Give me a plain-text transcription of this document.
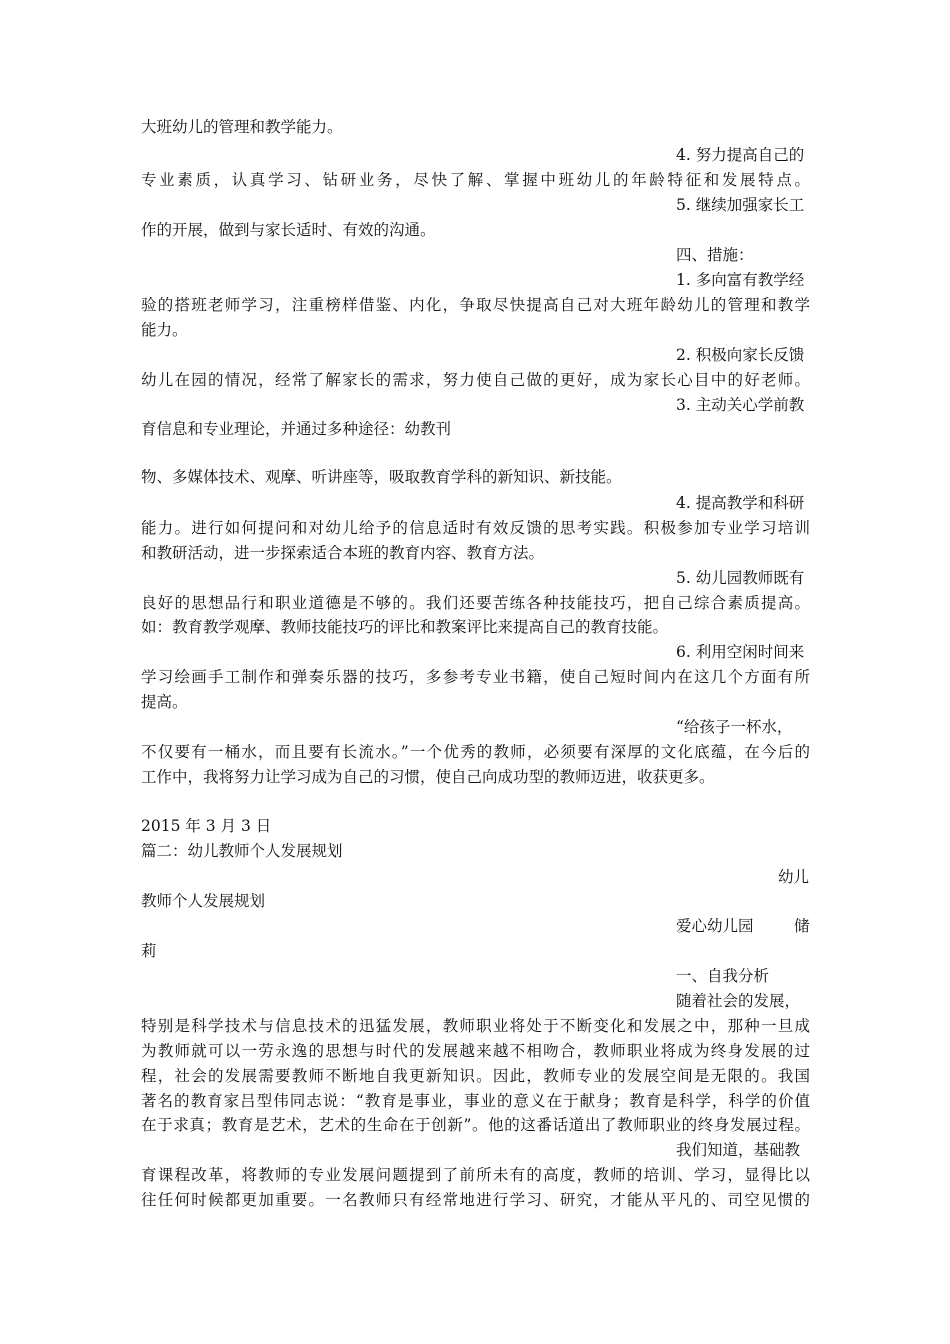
大班幼儿的管理和教学能力。
4. 努力提高自己的
专业素质，认真学习、钻研业务，尽快了解、掌握中班幼儿的年龄特征和发展特点。
5. 继续加强家长工
作的开展，做到与家长适时、有效的沟通。
四、措施：
1. 多向富有教学经
验的搭班老师学习，注重榜样借鉴、内化，争取尽快提高自己对大班年龄幼儿的管理和教学
能力。
2. 积极向家长反馈
幼儿在园的情况，经常了解家长的需求，努力使自己做的更好，成为家长心目中的好老师。
3. 主动关心学前教
育信息和专业理论，并通过多种途径：幼教刊
物、多媒体技术、观摩、听讲座等，吸取教育学科的新知识、新技能。
4. 提高教学和科研
能力。进行如何提问和对幼儿给予的信息适时有效反馈的思考实践。积极参加专业学习培训
和教研活动，进一步探索适合本班的教育内容、教育方法。
5. 幼儿园教师既有
良好的思想品行和职业道德是不够的。我们还要苦练各种技能技巧，把自己综合素质提高。
如：教育教学观摩、教师技能技巧的评比和教案评比来提高自己的教育技能。
6. 利用空闲时间来
学习绘画手工制作和弹奏乐器的技巧，多参考专业书籍，使自己短时间内在这几个方面有所
提高。
“给孩子一杯水，
不仅要有一桶水，而且要有长流水。”一个优秀的教师，必须要有深厚的文化底蕴，在今后的
工作中，我将努力让学习成为自己的习惯，使自己向成功型的教师迈进，收获更多。
2015 年 3 月 3 日
篇二：幼儿教师个人发展规划
幼儿
教师个人发展规划
爱心幼儿园	储
莉
一、自我分析
随着社会的发展，
特别是科学技术与信息技术的迅猛发展，教师职业将处于不断变化和发展之中，那种一旦成
为教师就可以一劳永逸的思想与时代的发展越来越不相吻合，教师职业将成为终身发展的过
程，社会的发展需要教师不断地自我更新知识。因此，教师专业的发展空间是无限的。我国
著名的教育家吕型伟同志说：“教育是事业，事业的意义在于献身；教育是科学，科学的价值
在于求真；教育是艺术，艺术的生命在于创新”。他的这番话道出了教师职业的终身发展过程。
我们知道，基础教
育课程改革，将教师的专业发展问题提到了前所未有的高度，教师的培训、学习，显得比以
往任何时候都更加重要。一名教师只有经常地进行学习、研究，才能从平凡的、司空见惯的
